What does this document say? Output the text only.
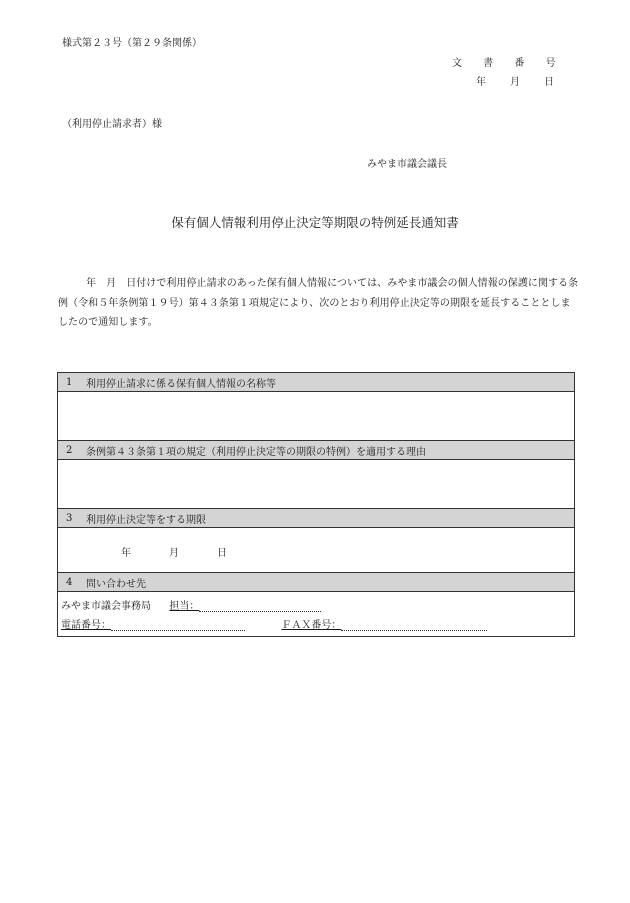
様式第２３号（第２９条関係）
文 書 番 号
年 月 日
（利用停止請求者）様
みやま市議会議長
保有個人情報利用停止決定等期限の特例延長通知書
年　月　日付けで利用停止請求のあった保有個人情報については、みやま市議会の個人情報の保護に関する条例（令和５年条例第１９号）第４３条第１項規定により、次のとおり利用停止決定等の期限を延長することとしましたので通知します。
1	利用停止請求に係る保有個人情報の名称等
2	条例第４３条第１項の規定（利用停止決定等の期限の特例）を適用する理由
3	利用停止決定等をする期限
年	月	日
4	問い合わせ先
みやま市議会事務局 担当：
電話番号：	ＦＡＸ番号：
